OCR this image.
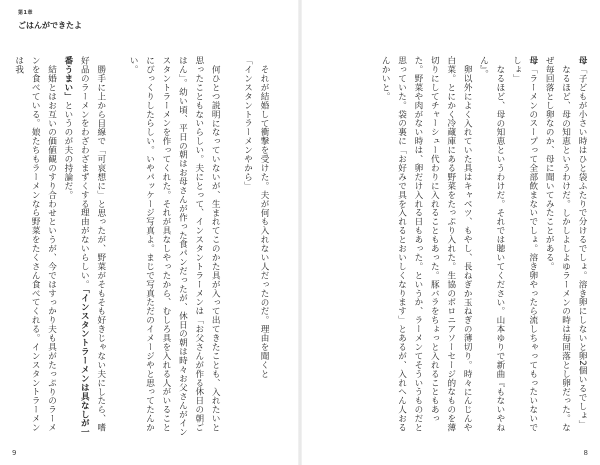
第1章
ごはんができたよ
それが結婚して衝撃を受けた。夫が何も入れない人だったのだ。理由を聞くと
「インスタントラーメンやから」
何ひとつ説明になっていないが、生まれてこのかた具が入って出てきたことも、入れたいと思ったこともないらしい。夫にとって、インスタントラーメンは「お父さんが作る休日の朝ごはん」。幼い頃、平日の朝はお母さんが作った食パンだったが、休日の朝は時々お父さんがインスタントラーメンを作ってくれた。それが具なしやったから、むしろ具を入れる人がいることにびっくりしたらしい。いやパッケージ写真よ。まじで写真ただのイメージやと思ってたんかい。
勝手に上から目線で「可哀想に」と思ったが、野菜がそもそも好きじゃない夫にしたら、嗜好品のラーメンをわざわざまずくする理由がないらしい。「インスタントラーメンは具なしが一番うまい」というのが夫の持論だ。
結婚とはお互いの価値観のすり合わせというが、今ではすっかり夫も具がたっぷりのラーメンを食べている。娘たちもラーメンなら野菜をたくさん食べてくれる。インスタントラーメンは我
9
母「子どもが小さい時はひと袋ふたりで分けるでしょ。溶き卵にしないと卵2個いるでしょ」
なるほど、母の知恵というわけだ。しかしよしよゆラーメンの時は毎回落とし卵だった。なぜ毎回落とし卵なのか、母に聞いてみたことがある。
母「ラーメンのスープって全部飲まないでしょ。溶き卵やったら流しちゃってもったいないでしょ」
なるほど、母の知恵というわけだ。それでは聴いてください。山本ゆりで新曲『もないやねん』。
卵以外によく入れていた具はキャベツ、もやし、長ねぎか玉ねぎの薄切り。時々にんじんや白菜。とにかく冷蔵庫にある野菜をたっぷり入れた。生協のボロニアソーセージ的なものを薄切りにしてチャーシュー代わりに入れることもあった。豚バラをちょっと入れることもあった。野菜や肉がない時は、卵だけ入れる日もあった。というか、ラーメンてそういうものだと思っていた。袋の裏に「お好みで具を入れるとおいしくなります」とあるが、入れへん人おるんかいと。
8
